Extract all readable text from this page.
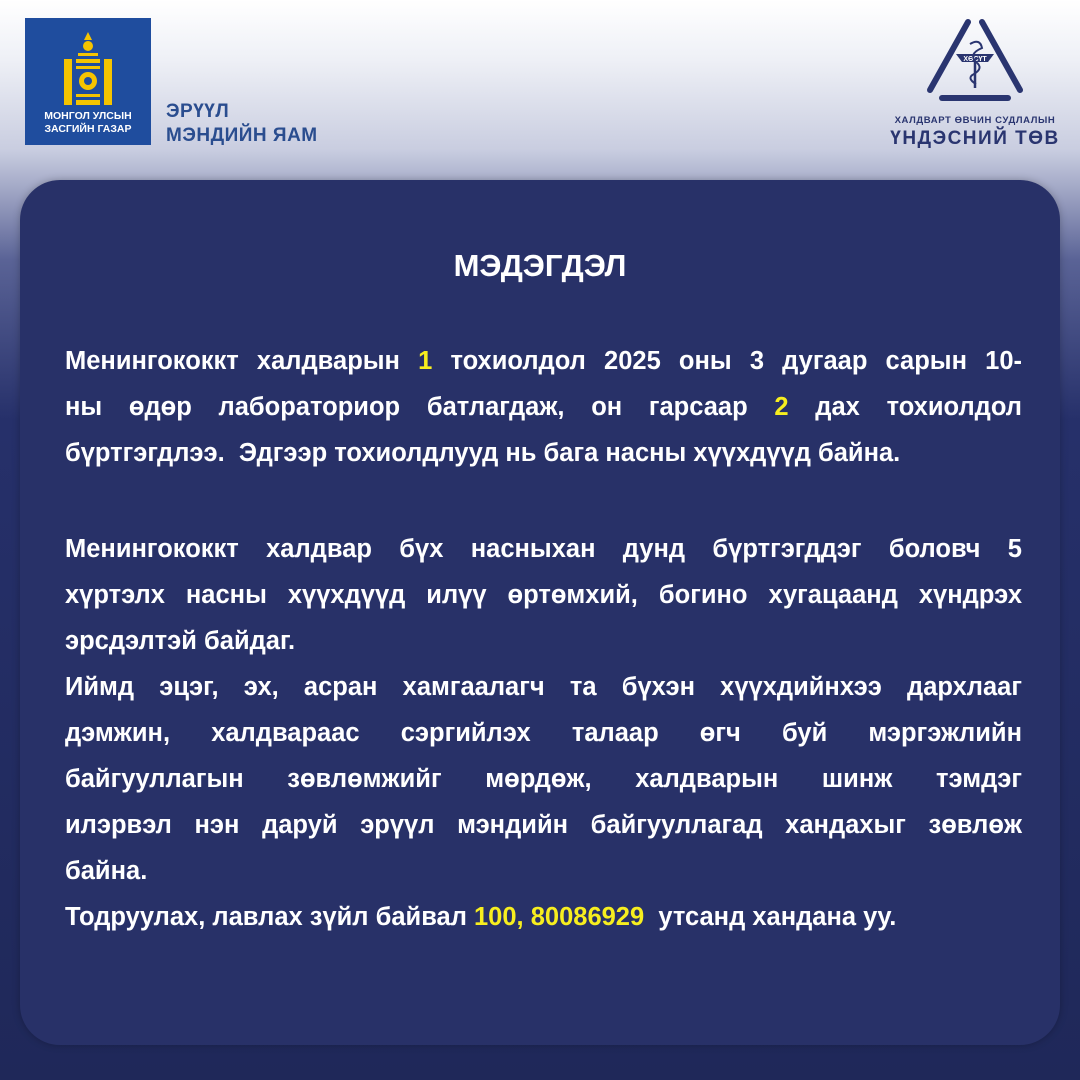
МОНГОЛ УЛСЫН
ЗАСГИЙН ГАЗАР
ЭРҮҮЛ
МЭНДИЙН ЯАМ
ХӨСҮТ
ХАЛДВАРТ ӨВЧИН СУДЛАЛЫН
ҮНДЭСНИЙ ТӨВ
МЭДЭГДЭЛ
Менингококкт халдварын 1 тохиолдол 2025 оны 3 дугаар сарын 10-
ны өдөр лабораториор батлагдаж, он гарсаар 2 дах тохиолдол
бүртгэгдлээ.  Эдгээр тохиолдлууд нь бага насны хүүхдүүд байна.
Менингококкт халдвар бүх насныхан дунд бүртгэгддэг боловч 5
хүртэлх насны хүүхдүүд илүү өртөмхий, богино хугацаанд хүндрэх
эрсдэлтэй байдаг.
Иймд эцэг, эх, асран хамгаалагч та бүхэн хүүхдийнхээ дархлааг
дэмжин, халдвараас сэргийлэх талаар өгч буй мэргэжлийн
байгууллагын зөвлөмжийг мөрдөж, халдварын шинж тэмдэг
илэрвэл нэн даруй эрүүл мэндийн байгууллагад хандахыг зөвлөж
байна.
Тодруулах, лавлах зүйл байвал 100, 80086929  утсанд хандана уу.
